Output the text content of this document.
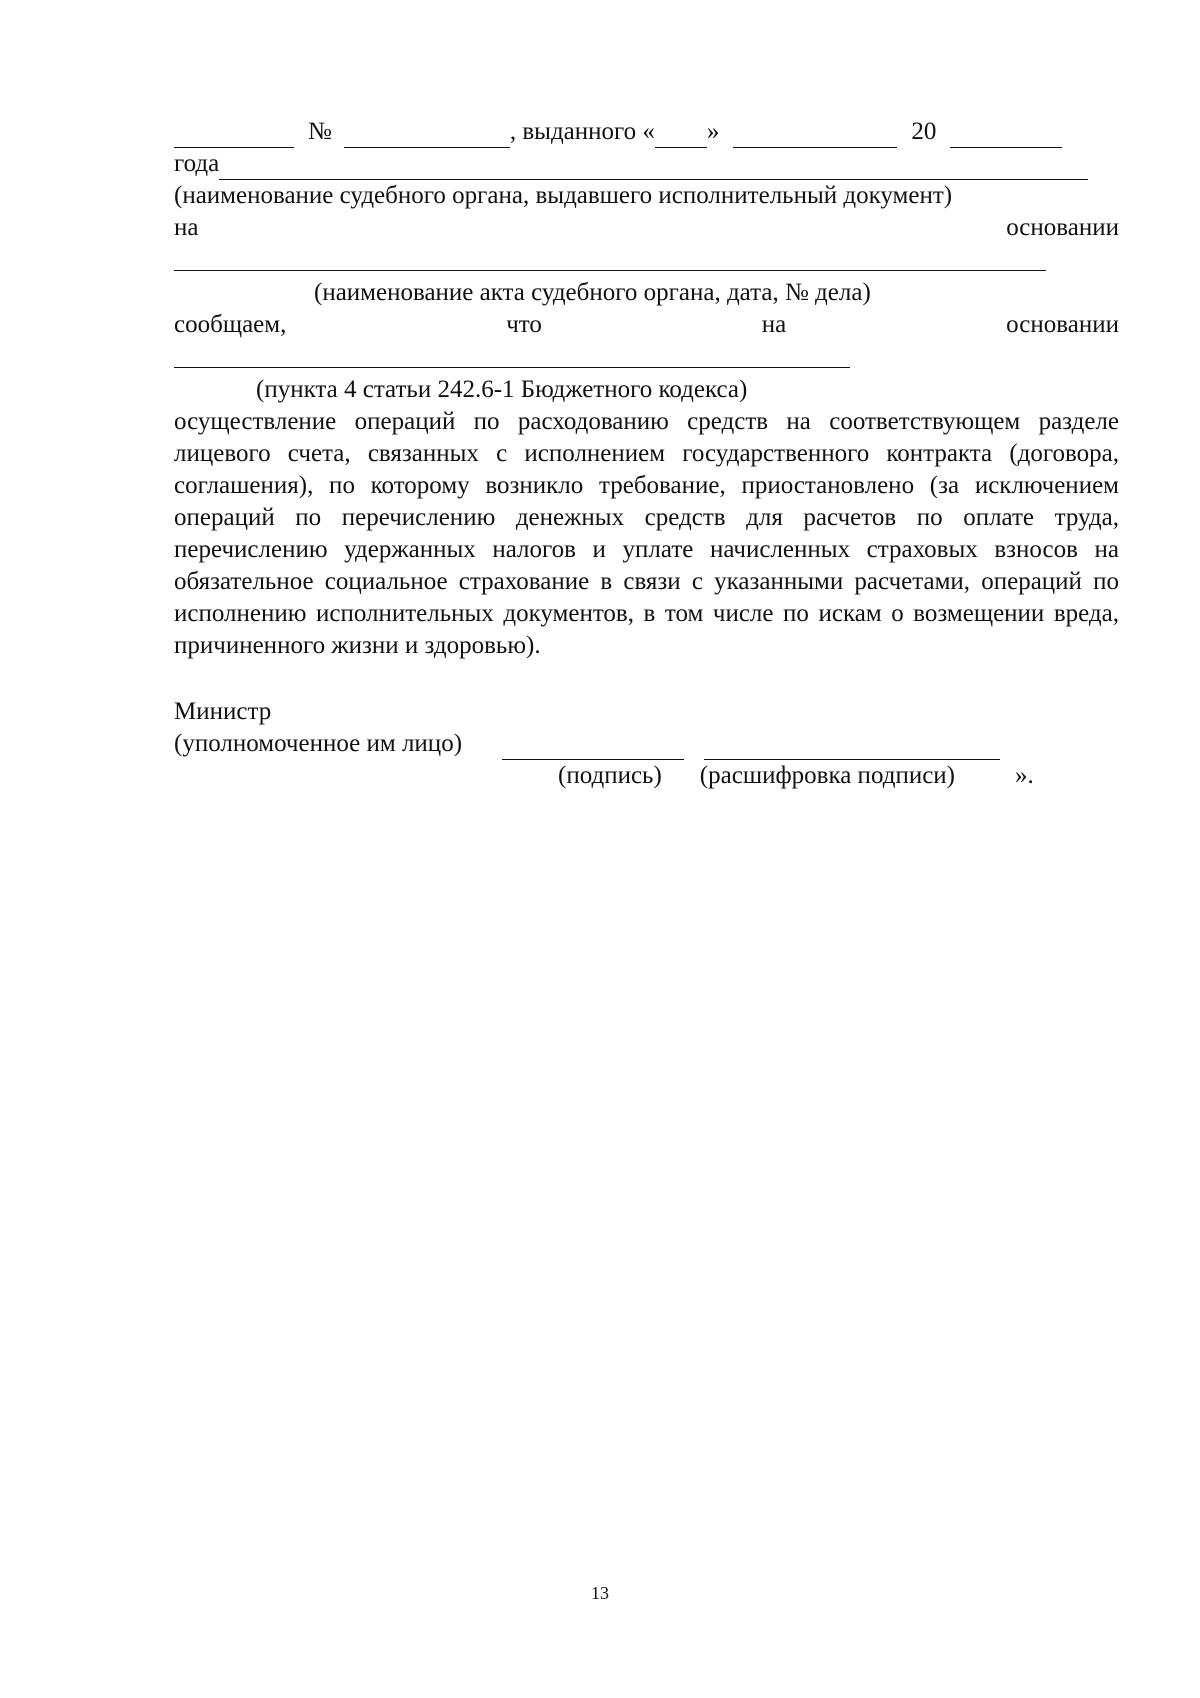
№	, выданного « »	20
года
(наименование судебного органа, выдавшего исполнительный документ)
на	основании
(наименование акта судебного органа, дата, № дела)
сообщаем,	что	на	основании
(пункта 4 статьи 242.6-1 Бюджетного кодекса)

осуществление операций по расходованию средств на соответствующем разделе лицевого счета, связанных с исполнением государственного контракта (договора, соглашения), по которому возникло требование, приостановлено (за исключением операций по перечислению денежных средств для расчетов по оплате труда, перечислению удержанных налогов и уплате начисленных страховых взносов на обязательное социальное страхование в связи с указанными расчетами, операций по исполнению исполнительных документов, в том числе по искам о возмещении вреда, причиненного жизни и здоровью).

Министр
(уполномоченное им лицо)
(подпись) (расшифровка подписи) ».
13
